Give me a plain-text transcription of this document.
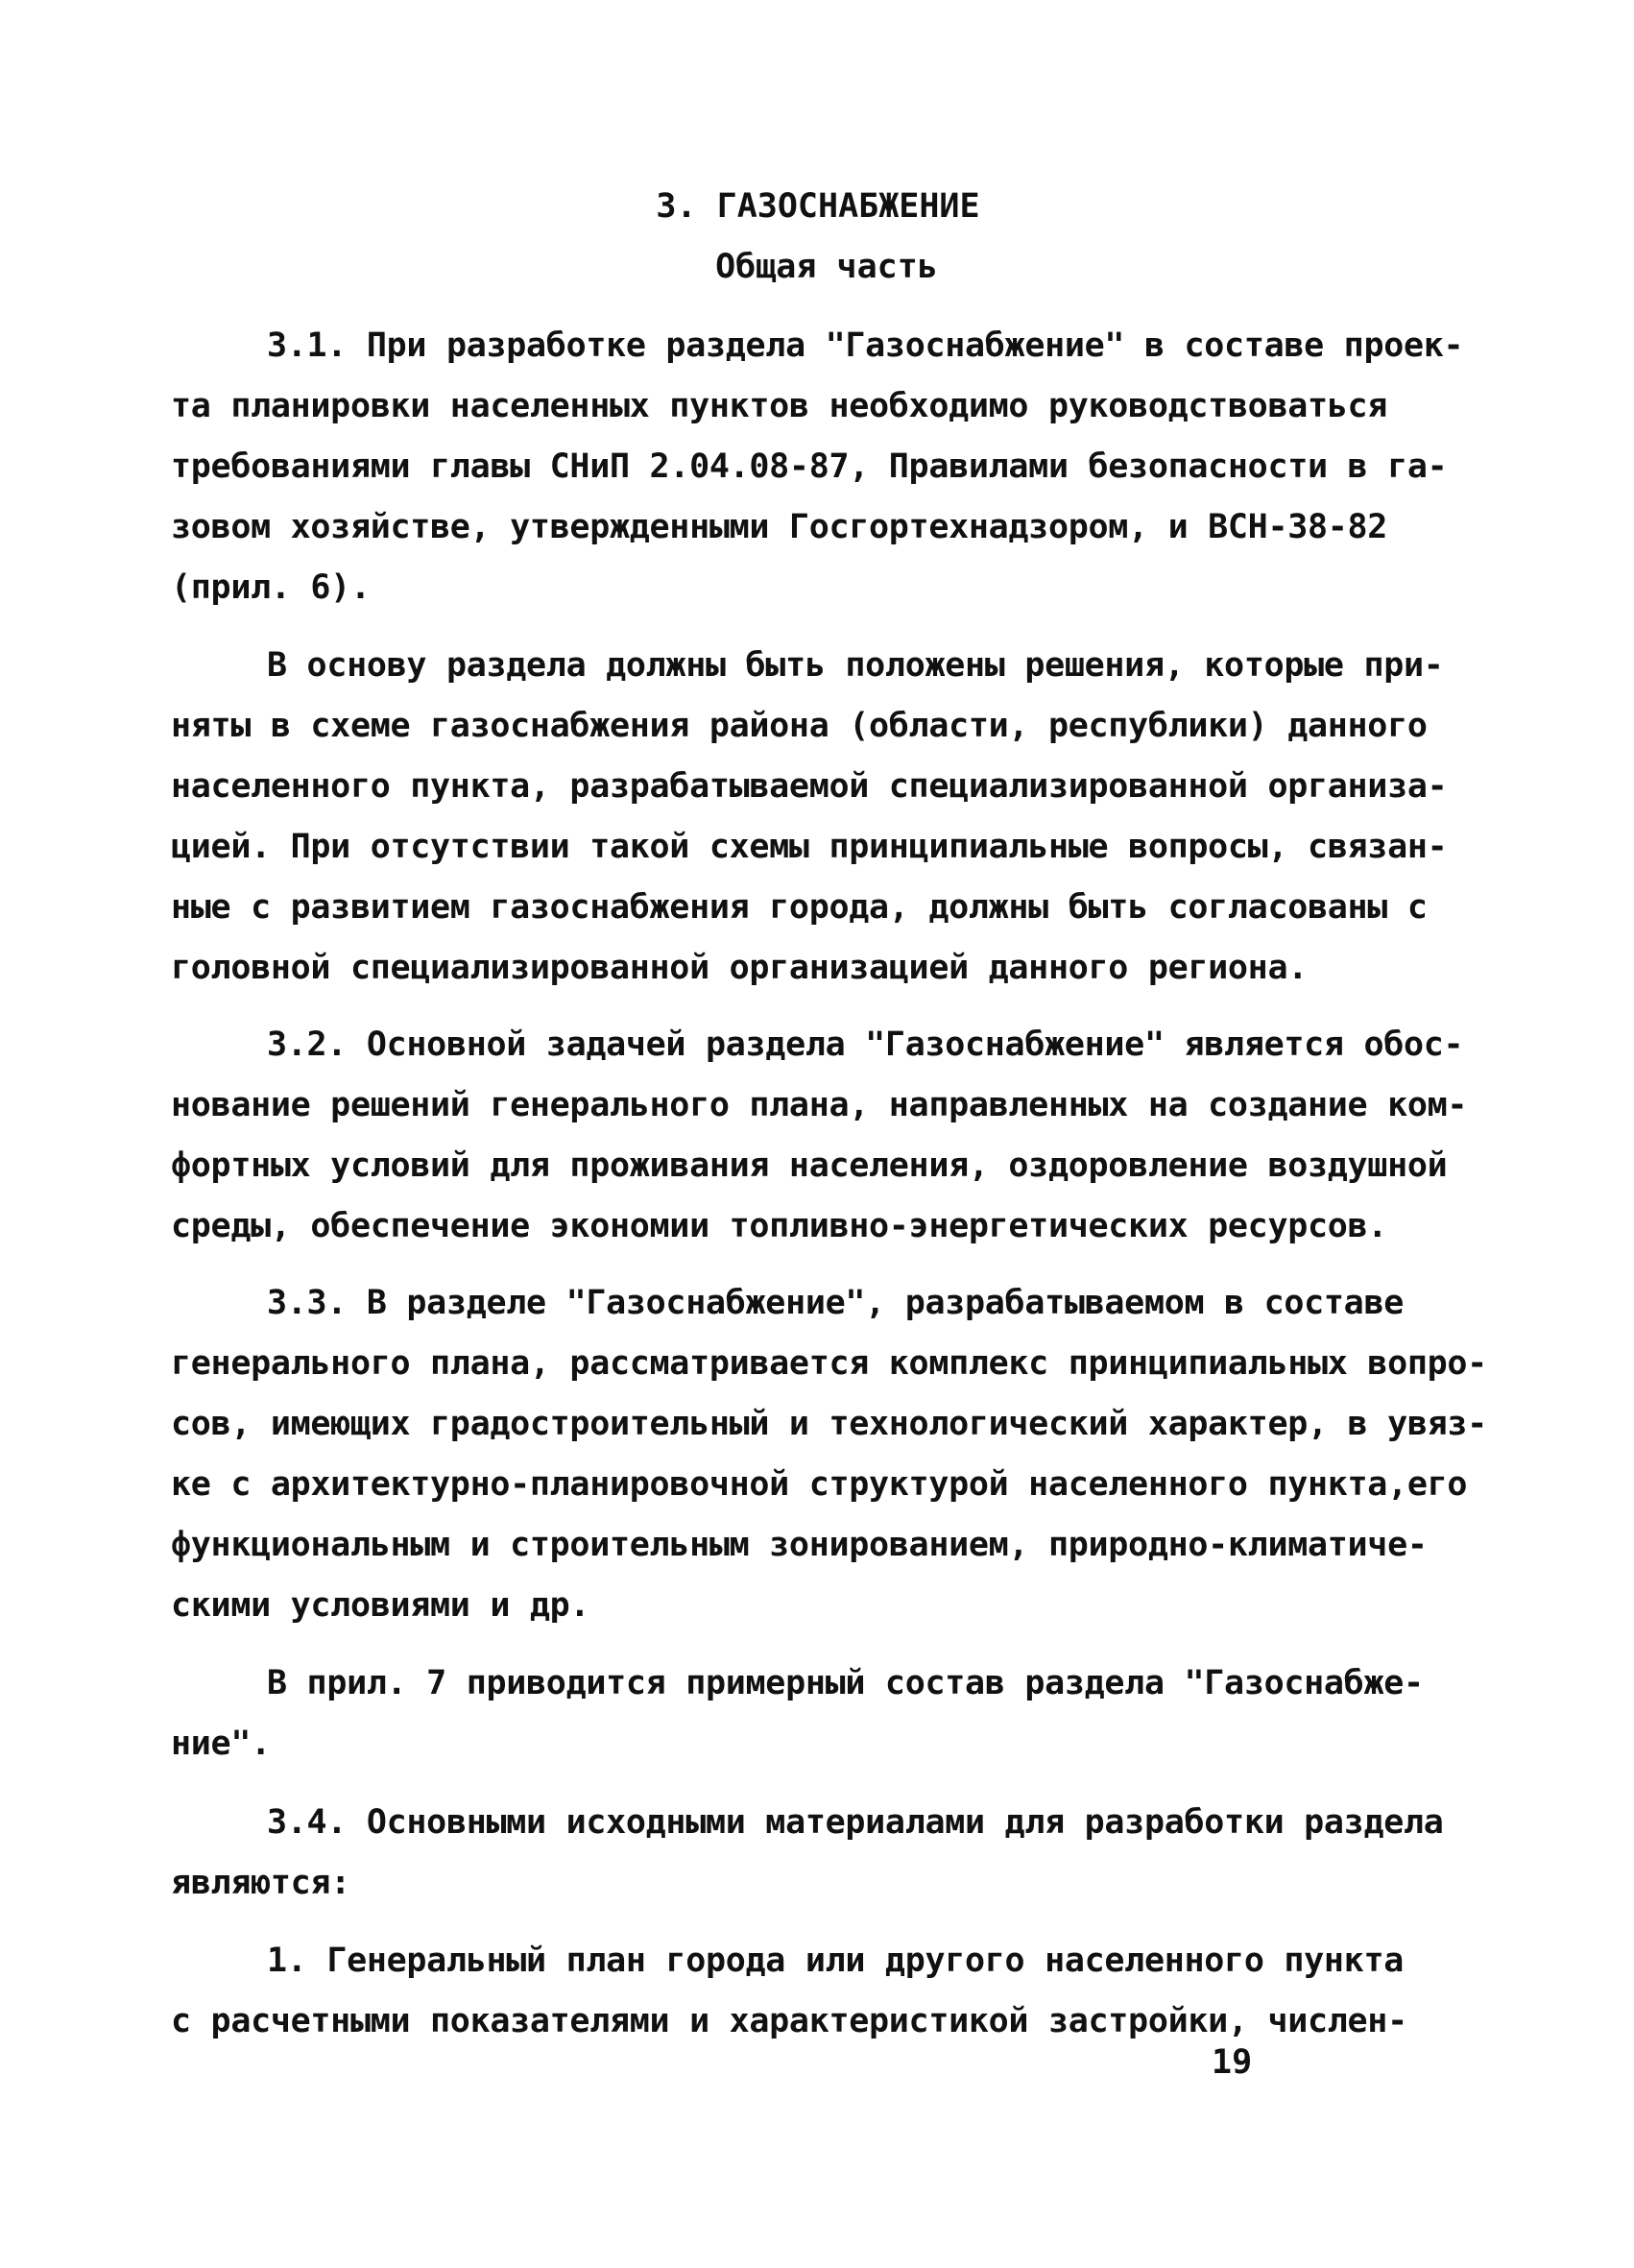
3. ГАЗОСНАБЖЕНИЕ
Общая часть
3.1. При разработке раздела "Газоснабжение" в составе проек-
та планировки населенных пунктов необходимо руководствоваться
требованиями главы СНиП 2.04.08-87, Правилами безопасности в га-
зовом хозяйстве, утвержденными Госгортехнадзором, и ВСН-38-82
(прил. 6).
В основу раздела должны быть положены решения, которые при-
няты в схеме газоснабжения района (области, республики) данного
населенного пункта, разрабатываемой специализированной организа-
цией. При отсутствии такой схемы принципиальные вопросы, связан-
ные с развитием газоснабжения города, должны быть согласованы с
головной специализированной организацией данного региона.
3.2. Основной задачей раздела "Газоснабжение" является обос-
нование решений генерального плана, направленных на создание ком-
фортных условий для проживания населения, оздоровление воздушной
среды, обеспечение экономии топливно-энергетических ресурсов.
3.3. В разделе "Газоснабжение", разрабатываемом в составе
генерального плана, рассматривается комплекс принципиальных вопро-
сов, имеющих градостроительный и технологический характер, в увяз-
ке с архитектурно-планировочной структурой населенного пункта,его
функциональным и строительным зонированием, природно-климатиче-
скими условиями и др.
В прил. 7 приводится примерный состав раздела "Газоснабже-
ние".
3.4. Основными исходными материалами для разработки раздела
являются:
1. Генеральный план города или другого населенного пункта
с расчетными показателями и характеристикой застройки, числен-
19
